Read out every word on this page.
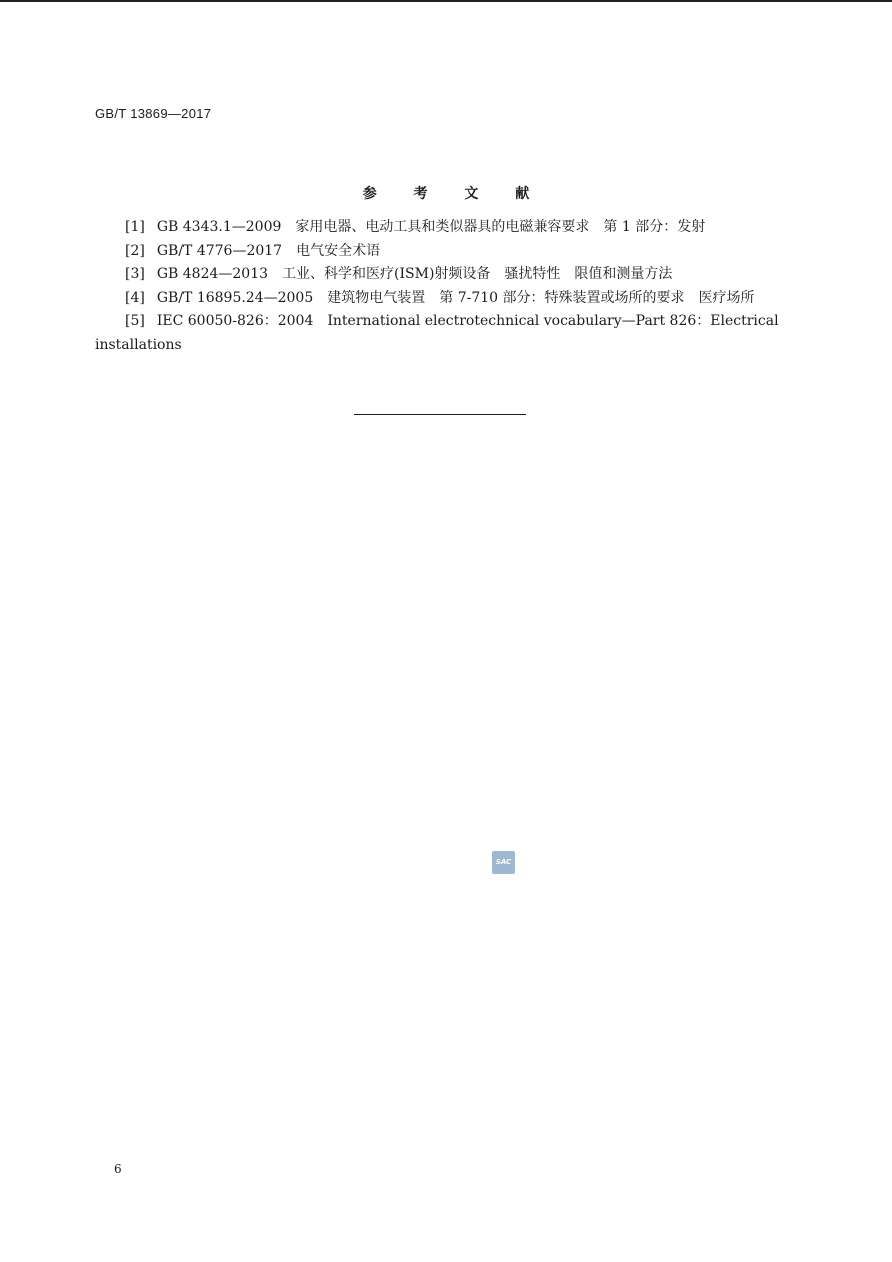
GB/T 13869—2017
参 考 文 献
[1] GB 4343.1—2009 家用电器、电动工具和类似器具的电磁兼容要求　第 1 部分：发射
[2] GB/T 4776—2017 电气安全术语
[3] GB 4824—2013 工业、科学和医疗(ISM)射频设备　骚扰特性　限值和测量方法
[4] GB/T 16895.24—2005 建筑物电气装置　第 7-710 部分：特殊装置或场所的要求　医疗场所
[5] IEC 60050-826：2004 International electrotechnical vocabulary—Part 826：Electrical installations
SAC
6
